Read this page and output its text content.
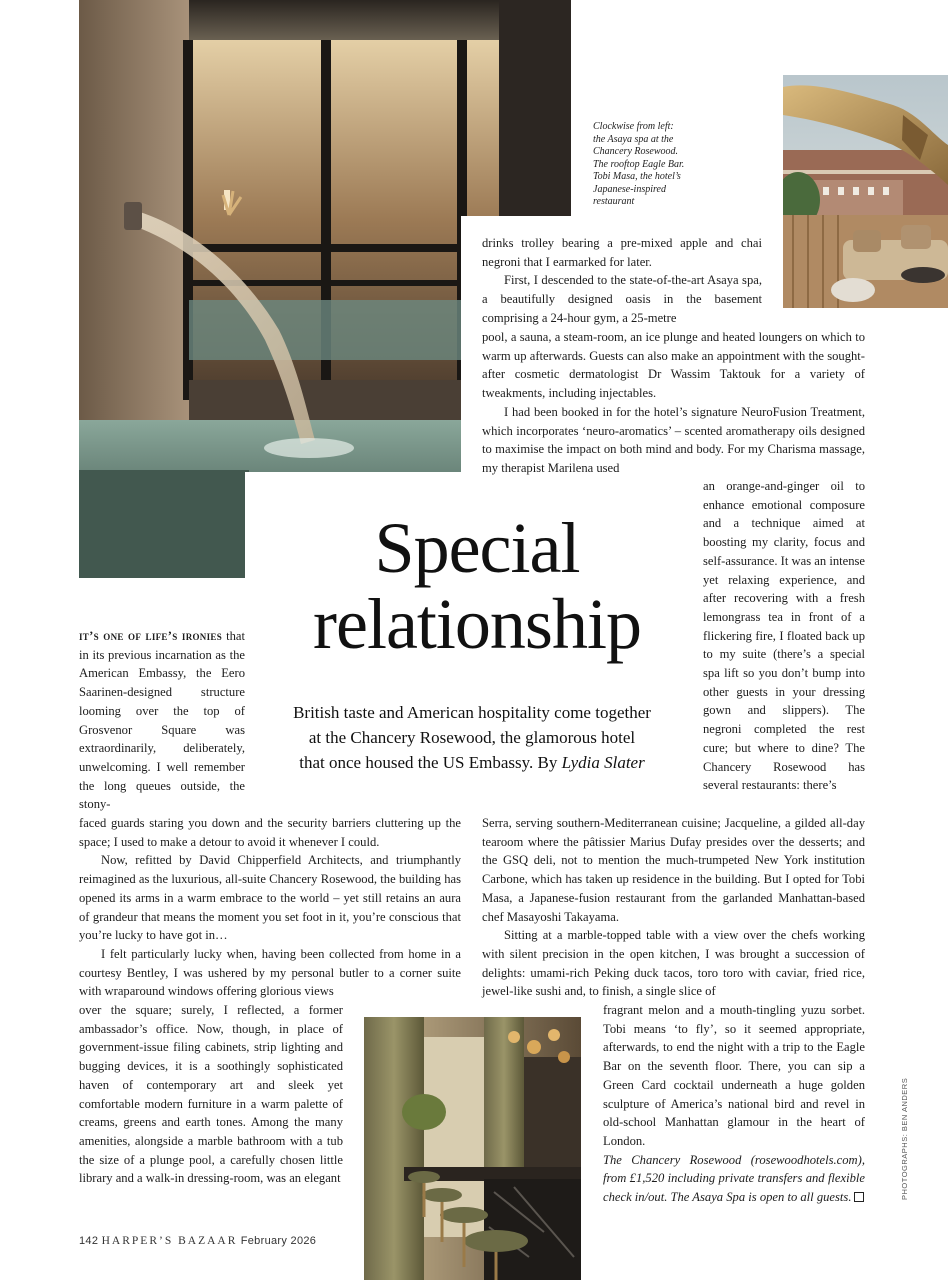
Clockwise from left:
the Asaya spa at the
Chancery Rosewood.
The rooftop Eagle Bar.
Tobi Masa, the hotel’s
Japanese-inspired
restaurant
Special
relationship
British taste and American hospitality come together
at the Chancery Rosewood, the glamorous hotel
that once housed the US Embassy. By Lydia Slater

it’s one of life’s ironies that in its previous incarnation as the American Embassy, the Eero Saarinen-designed structure looming over the top of Grosvenor Square was extraordinarily, deliberately, unwelcoming. I well remember the long queues outside, the stony-

faced guards staring you down and the security barriers cluttering up the space; I used to make a detour to avoid it whenever I could.

Now, refitted by David Chipperfield Architects, and triumphantly reimagined as the luxurious, all-suite Chancery Rosewood, the building has opened its arms in a warm embrace to the world – yet still retains an aura of grandeur that means the moment you set foot in it, you’re conscious that you’re lucky to have got in…

I felt particularly lucky when, having been collected from home in a courtesy Bentley, I was ushered by my personal butler to a corner suite with wraparound windows offering glorious views

over the square; surely, I reflected, a former ambassador’s office. Now, though, in place of government-issue filing cabinets, strip lighting and bugging devices, it is a soothingly sophisticated haven of contemporary art and sleek yet comfortable modern furniture in a warm palette of creams, greens and earth tones. Among the many amenities, alongside a marble bathroom with a tub the size of a plunge pool, a carefully chosen little library and a walk-in dressing-room, was an elegant

drinks trolley bearing a pre-mixed apple and chai negroni that I earmarked for later.

First, I descended to the state-of-the-art Asaya spa, a beautifully designed oasis in the basement comprising a 24-hour gym, a 25-metre

pool, a sauna, a steam-room, an ice plunge and heated loungers on which to warm up afterwards. Guests can also make an appointment with the sought-after cosmetic dermatologist Dr Wassim Taktouk for a variety of tweakments, including injectables.

I had been booked in for the hotel’s signature NeuroFusion Treatment, which incorporates ‘neuro-aromatics’ – scented aromatherapy oils designed to maximise the impact on both mind and body. For my Charisma massage, my therapist Marilena used

an orange-and-ginger oil to enhance emotional composure and a technique aimed at boosting my clarity, focus and self-assurance. It was an intense yet relaxing experience, and after recovering with a fresh lemongrass tea in front of a flickering fire, I floated back up to my suite (there’s a special spa lift so you don’t bump into other guests in your dressing gown and slippers). The negroni completed the rest cure; but where to dine? The Chancery Rosewood has several restaurants: there’s

Serra, serving southern-Mediterranean cuisine; Jacqueline, a gilded all-day tearoom where the pâtissier Marius Dufay presides over the desserts; and the GSQ deli, not to mention the much-trumpeted New York institution Carbone, which has taken up residence in the building. But I opted for Tobi Masa, a Japanese-fusion restaurant from the garlanded Manhattan-based chef Masayoshi Takayama.

Sitting at a marble-topped table with a view over the chefs working with silent precision in the open kitchen, I was brought a succession of delights: umami-rich Peking duck tacos, toro toro with caviar, fried rice, jewel-like sushi and, to finish, a single slice of

fragrant melon and a mouth-tingling yuzu sorbet. Tobi means ‘to fly’, so it seemed appropriate, afterwards, to end the night with a trip to the Eagle Bar on the seventh floor. There, you can sip a Green Card cocktail underneath a huge golden sculpture of America’s national bird and revel in old-school Manhattan glamour in the heart of London.

The Chancery Rosewood (rosewoodhotels.com), from £1,520 including private transfers and flexible check in/out. The Asaya Spa is open to all guests.

142 HARPER’S BAZAAR February 2026
PHOTOGRAPHS: BEN ANDERS
